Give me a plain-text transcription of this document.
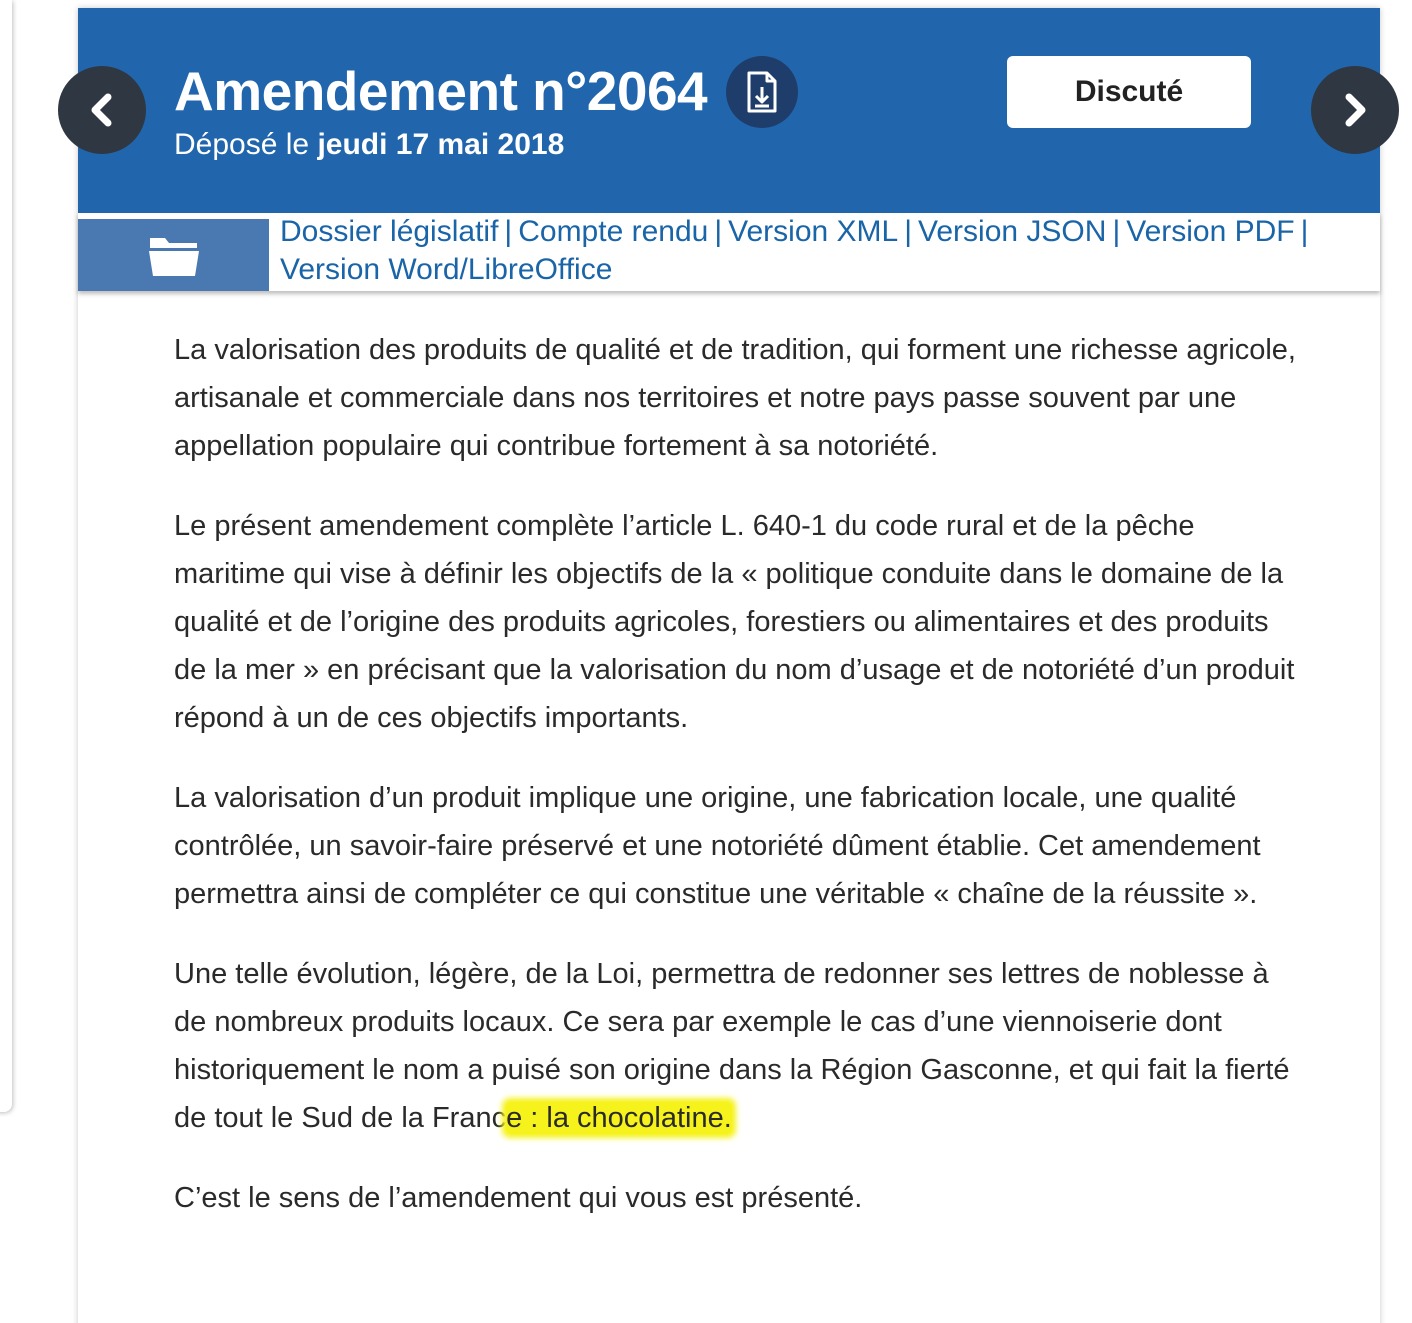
Amendement n°2064
Déposé le jeudi 17 mai 2018
Discuté
Dossier législatif | Compte rendu | Version XML | Version JSON | Version PDF |
Version Word/LibreOffice

La valorisation des produits de qualité et de tradition, qui forment une richesse agricole, artisanale et commerciale dans nos territoires et notre pays passe souvent par une appellation populaire qui contribue fortement à sa notoriété.

Le présent amendement complète l’article L. 640-1 du code rural et de la pêche maritime qui vise à définir les objectifs de la « politique conduite dans le domaine de la qualité et de l’origine des produits agricoles, forestiers ou alimentaires et des produits de la mer » en précisant que la valorisation du nom d’usage et de notoriété d’un produit répond à un de ces objectifs importants.

La valorisation d’un produit implique une origine, une fabrication locale, une qualité contrôlée, un savoir-faire préservé et une notoriété dûment établie. Cet amendement permettra ainsi de compléter ce qui constitue une véritable « chaîne de la réussite ».

Une telle évolution, légère, de la Loi, permettra de redonner ses lettres de noblesse à de nombreux produits locaux. Ce sera par exemple le cas d’une viennoiserie dont historiquement le nom a puisé son origine dans la Région Gasconne, et qui fait la fierté de tout le Sud de la France : la chocolatine.

C’est le sens de l’amendement qui vous est présenté.
